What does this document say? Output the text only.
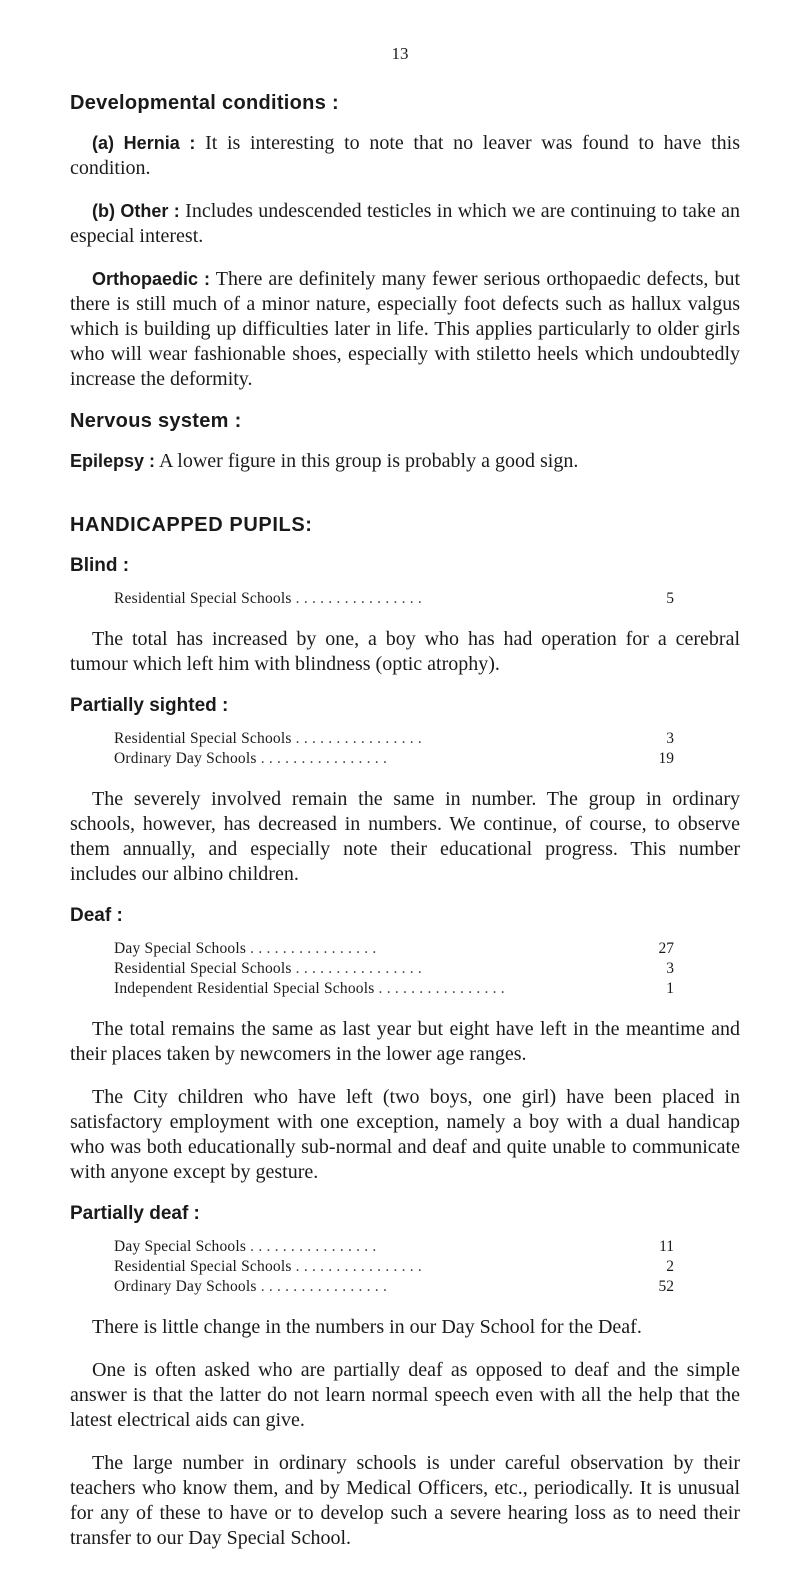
13
Developmental conditions :

(a) Hernia : It is interesting to note that no leaver was found to have this condition.

(b) Other : Includes undescended testicles in which we are continuing to take an especial interest.

Orthopaedic : There are definitely many fewer serious orthopaedic defects, but there is still much of a minor nature, especially foot defects such as hallux valgus which is building up difficulties later in life. This applies particularly to older girls who will wear fashionable shoes, especially with stiletto heels which undoubtedly increase the deformity.

Nervous system :

Epilepsy : A lower figure in this group is probably a good sign.

HANDICAPPED PUPILS:
Blind :
Residential Special Schools . .	5

The total has increased by one, a boy who has had operation for a cerebral tumour which left him with blindness (optic atrophy).

Partially sighted :
Residential Special Schools . .	3
Ordinary Day Schools . .	19

The severely involved remain the same in number. The group in ordinary schools, however, has decreased in numbers. We continue, of course, to observe them annually, and especially note their educational progress. This number includes our albino children.

Deaf :
Day Special Schools . .	27
Residential Special Schools . .	3
Independent Residential Special Schools . .	1

The total remains the same as last year but eight have left in the meantime and their places taken by newcomers in the lower age ranges.

The City children who have left (two boys, one girl) have been placed in satisfactory employment with one exception, namely a boy with a dual handicap who was both educationally sub-normal and deaf and quite unable to communicate with anyone except by gesture.

Partially deaf :
Day Special Schools . .	11
Residential Special Schools . .	2
Ordinary Day Schools . .	52

There is little change in the numbers in our Day School for the Deaf.

One is often asked who are partially deaf as opposed to deaf and the simple answer is that the latter do not learn normal speech even with all the help that the latest electrical aids can give.

The large number in ordinary schools is under careful observation by their teachers who know them, and by Medical Officers, etc., periodically. It is unusual for any of these to have or to develop such a severe hearing loss as to need their transfer to our Day Special School.
